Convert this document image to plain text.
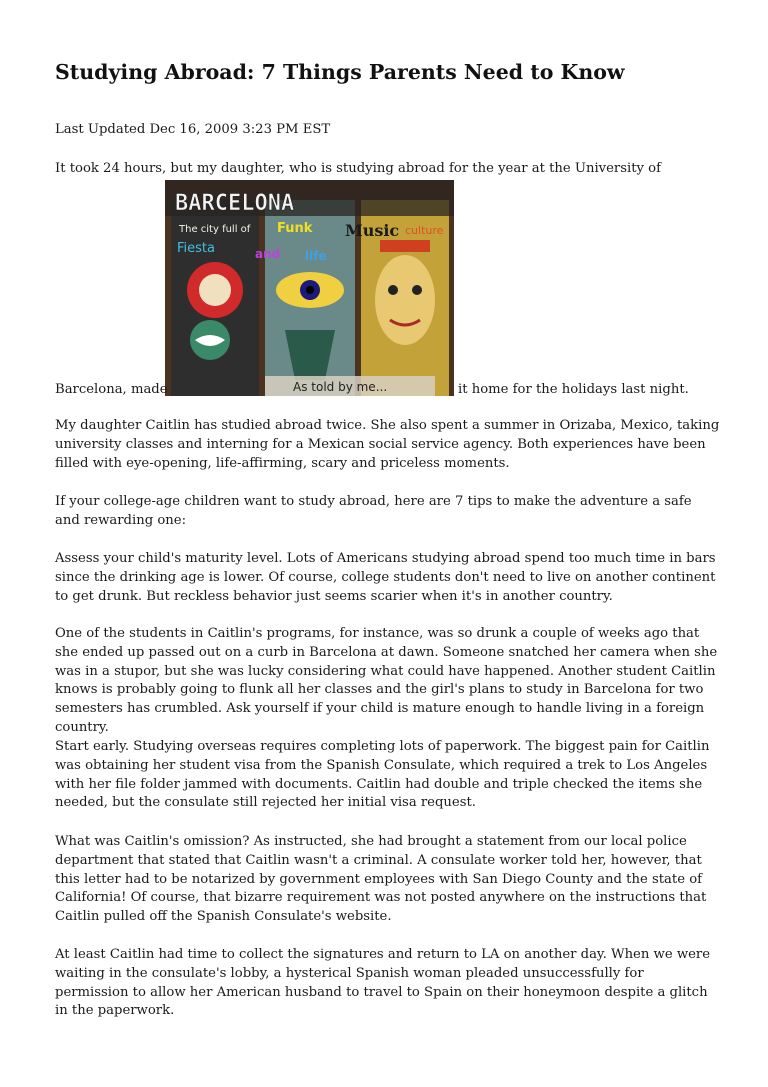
Studying Abroad: 7 Things Parents Need to Know
Last Updated Dec 16, 2009 3:23 PM EST
It took 24 hours, but my daughter, who is studying abroad for the year at the University of
BARCELONA
The city full of Funk Music culture
Fiesta	and life
As told by me...
Barcelona, made	it home for the holidays last night.

My daughter Caitlin has studied abroad twice. She also spent a summer in Orizaba, Mexico, taking university classes and interning for a Mexican social service agency. Both experiences have been filled with eye-opening, life-affirming, scary and priceless moments.

If your college-age children want to study abroad, here are 7 tips to make the adventure a safe and rewarding one:

Assess your child's maturity level. Lots of Americans studying abroad spend too much time in bars since the drinking age is lower. Of course, college students don't need to live on another continent to get drunk. But reckless behavior just seems scarier when it's in another country.

One of the students in Caitlin's programs, for instance, was so drunk a couple of weeks ago that she ended up passed out on a curb in Barcelona at dawn. Someone snatched her camera when she was in a stupor, but she was lucky considering what could have happened. Another student Caitlin knows is probably going to flunk all her classes and the girl's plans to study in Barcelona for two semesters has crumbled. Ask yourself if your child is mature enough to handle living in a foreign country.

Start early. Studying overseas requires completing lots of paperwork. The biggest pain for Caitlin was obtaining her student visa from the Spanish Consulate, which required a trek to Los Angeles with her file folder jammed with documents. Caitlin had double and triple checked the items she needed, but the consulate still rejected her initial visa request.

What was Caitlin's omission? As instructed, she had brought a statement from our local police department that stated that Caitlin wasn't a criminal. A consulate worker told her, however, that this letter had to be notarized by government employees with San Diego County and the state of California! Of course, that bizarre requirement was not posted anywhere on the instructions that Caitlin pulled off the Spanish Consulate's website.

At least Caitlin had time to collect the signatures and return to LA on another day. When we were waiting in the consulate's lobby, a hysterical Spanish woman pleaded unsuccessfully for permission to allow her American husband to travel to Spain on their honeymoon despite a glitch in the paperwork.
